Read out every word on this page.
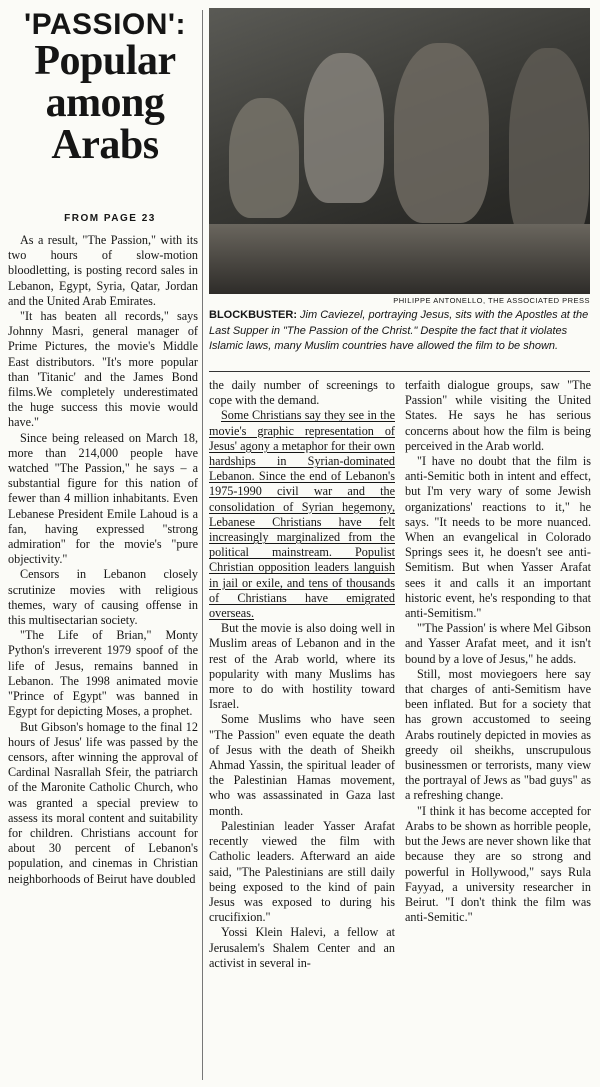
'PASSION':
Popular
among
Arabs
FROM PAGE 23
PHILIPPE ANTONELLO, THE ASSOCIATED PRESS
BLOCKBUSTER: Jim Caviezel, portraying Jesus, sits with the Apostles at the Last Supper in "The Passion of the Christ." Despite the fact that it violates Islamic laws, many Muslim countries have allowed the film to be shown.

As a result, "The Passion," with its two hours of slow-motion bloodletting, is posting record sales in Lebanon, Egypt, Syria, Qatar, Jordan and the United Arab Emirates.

"It has beaten all records," says Johnny Masri, general manager of Prime Pictures, the movie's Middle East distributors. "It's more popular than 'Titanic' and the James Bond films.We completely underestimated the huge success this movie would have."

Since being released on March 18, more than 214,000 people have watched "The Passion," he says – a substantial figure for this nation of fewer than 4 million inhabitants. Even Lebanese President Emile Lahoud is a fan, having expressed "strong admiration" for the movie's "pure objectivity."

Censors in Lebanon closely scrutinize movies with religious themes, wary of causing offense in this multisectarian society.

"The Life of Brian," Monty Python's irreverent 1979 spoof of the life of Jesus, remains banned in Lebanon. The 1998 animated movie "Prince of Egypt" was banned in Egypt for depicting Moses, a prophet.

But Gibson's homage to the final 12 hours of Jesus' life was passed by the censors, after winning the approval of Cardinal Nasrallah Sfeir, the patriarch of the Maronite Catholic Church, who was granted a special preview to assess its moral content and suitability for children. Christians account for about 30 percent of Lebanon's population, and cinemas in Christian neighborhoods of Beirut have doubled

the daily number of screenings to cope with the demand.

Some Christians say they see in the movie's graphic representation of Jesus' agony a metaphor for their own hardships in Syrian-dominated Lebanon. Since the end of Lebanon's 1975-1990 civil war and the consolidation of Syrian hegemony, Lebanese Christians have felt increasingly marginalized from the political mainstream. Populist Christian opposition leaders languish in jail or exile, and tens of thousands of Christians have emigrated overseas.

But the movie is also doing well in Muslim areas of Lebanon and in the rest of the Arab world, where its popularity with many Muslims has more to do with hostility toward Israel.

Some Muslims who have seen "The Passion" even equate the death of Jesus with the death of Sheikh Ahmad Yassin, the spiritual leader of the Palestinian Hamas movement, who was assassinated in Gaza last month.

Palestinian leader Yasser Arafat recently viewed the film with Catholic leaders. Afterward an aide said, "The Palestinians are still daily being exposed to the kind of pain Jesus was exposed to during his crucifixion."

Yossi Klein Halevi, a fellow at Jerusalem's Shalem Center and an activist in several in-

terfaith dialogue groups, saw "The Passion" while visiting the United States. He says he has serious concerns about how the film is being perceived in the Arab world.

"I have no doubt that the film is anti-Semitic both in intent and effect, but I'm very wary of some Jewish organizations' reactions to it," he says. "It needs to be more nuanced. When an evangelical in Colorado Springs sees it, he doesn't see anti-Semitism. But when Yasser Arafat sees it and calls it an important historic event, he's responding to that anti-Semitism."

"'The Passion' is where Mel Gibson and Yasser Arafat meet, and it isn't bound by a love of Jesus," he adds.

Still, most moviegoers here say that charges of anti-Semitism have been inflated. But for a society that has grown accustomed to seeing Arabs routinely depicted in movies as greedy oil sheikhs, unscrupulous businessmen or terrorists, many view the portrayal of Jews as "bad guys" as a refreshing change.

"I think it has become accepted for Arabs to be shown as horrible people, but the Jews are never shown like that because they are so strong and powerful in Hollywood," says Rula Fayyad, a university researcher in Beirut. "I don't think the film was anti-Semitic."
